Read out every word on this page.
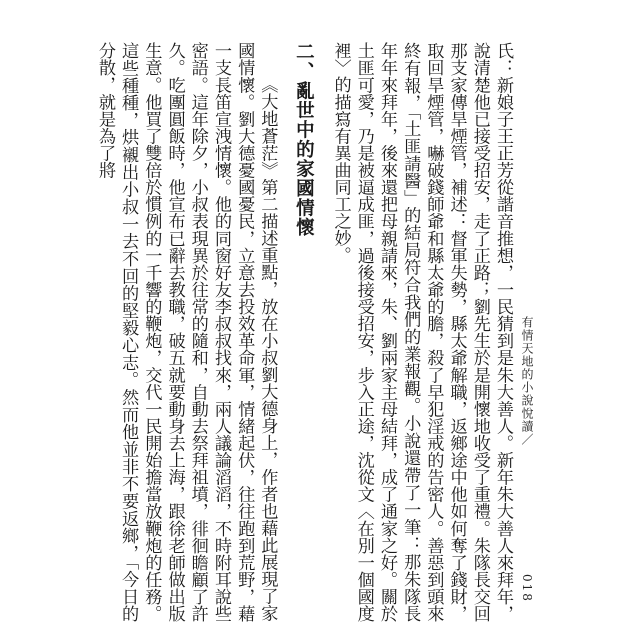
有情天地的小說悅讀／
018

氏：新娘子王正芳從諧音推想，一民猜到是朱大善人。新年朱大善人來拜年，說清楚他已接受招安，走了正路；劉先生於是開懷地收受了重禮。朱隊長交回那支家傳旱煙管，補述：督軍失勢，縣太爺解職，返鄉途中他如何奪了錢財，取回旱煙管，嚇破錢師爺和縣太爺的膽，殺了早犯淫戒的告密人。善惡到頭來終有報，「土匪請醫」的結局符合我們的業報觀。小說還帶了一筆：那朱隊長年年來拜年，後來還把母親請來，朱、劉兩家主母結拜，成了通家之好。關於土匪可愛，乃是被逼成匪，過後接受招安，步入正途，沈從文〈在別一個國度裡〉的描寫有異曲同工之妙。

二、亂世中的家國情懷

《大地蒼茫》第二描述重點，放在小叔劉大德身上，作者也藉此展現了家國情懷。劉大德憂國憂民，立意去投效革命軍，情緒起伏，往往跑到荒野，藉一支長笛宣洩情懷。他的同窗好友李叔叔找來，兩人議論滔滔，不時附耳說些密語。這年除夕，小叔表現異於往常的隨和，自動去祭拜祖墳，徘徊瞻顧了許久。吃團圓飯時，他宣布已辭去教職，破五就要動身去上海，跟徐老師做出版生意。他買了雙倍於慣例的一千響的鞭炮，交代一民開始擔當放鞭炮的任務。這些種種，烘襯出小叔一去不回的堅毅心志。然而他並非不要返鄉，「今日的分散，就是為了將
